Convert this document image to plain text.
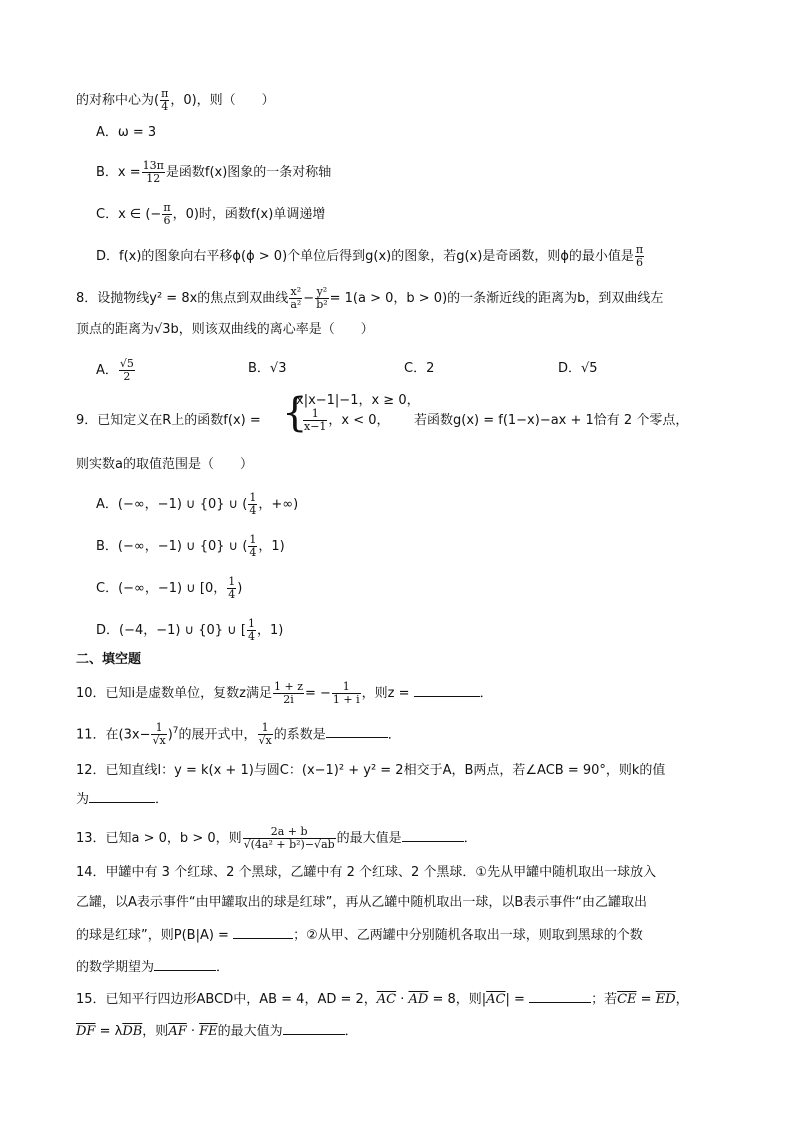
的对称中心为( $\frac{\pi}{4}$ ，0)，则（　　）
A．ω = 3
B．$x = \frac{13\pi}{12}$ 是函数f(x)图象的一条对称轴
C．x ∈ (− $\frac{\pi}{6}$ ，0)时，函数f(x)单调递增
D．f(x)的图象向右平移ϕ(ϕ > 0)个单位后得到g(x)的图象，若g(x)是奇函数，则ϕ的最小值是 $\frac{\pi}{6}$
8．设抛物线y² = 8x的焦点到双曲线 $\frac{\text{x²}}{\text{a²}} - \frac{\text{y²}}{\text{b²}} = 1(a > 0$，b > 0)的一条渐近线的距离为b，到双曲线左
顶点的距离为√3b，则该双曲线的离心率是（　　）
A． $\frac{√5}{2}$	B．√3	C．2	D．√5
9．已知定义在R上的函数f(x) = {
x|x−1|−1，x ≥ 0，
$\frac{1}{x-1}$ ，x < 0， 若函数g(x) = f(1−x)−ax + 1恰有 2 个零点，
则实数a的取值范围是（　　）
A．(−∞，−1) ∪ {0} ∪ ( $\frac{1}{4}$ ，+∞)
B．(−∞，−1) ∪ {0} ∪ ( $\frac{1}{4}$ ，1)
C．(−∞，−1) ∪ [0， $\frac{1}{4}$ )
D．(−4，−1) ∪ {0} ∪ [ $\frac{1}{4}$ ，1)
二、填空题
10．已知i是虚数单位，复数z满足 $\frac{1 + z}{2i}$ = − $\frac{1}{1 + i}$ ，则z =	．
11．在$(3x- \frac{1}{√x} )^7$的展开式中， $\frac{1}{√x}$ 的系数是	．
12．已知直线l：y = k(x + 1)与圆C：(x−1)² + y² = 2相交于A，B两点，若∠ACB = 90°，则k的值
为	．
13．已知a > 0，b > 0，则 $\frac{2a + b}{\text{√(4a² + b²)−√ab}}$ 的最大值是	．
14．甲罐中有 3 个红球、2 个黑球，乙罐中有 2 个红球、2 个黑球．①先从甲罐中随机取出一球放入
乙罐，以A表示事件“由甲罐取出的球是红球”，再从乙罐中随机取出一球，以B表示事件“由乙罐取出
的球是红球”，则P(B|A) =	；②从甲、乙两罐中分别随机各取出一球，则取到黑球的个数
的数学期望为	．
15．已知平行四边形ABCD中，AB = 4，AD = 2，$\overline{AC} \cdot \overline{AD} = 8$，则$|\overline{AC}|$ =	；若$\overline{CE} = \overline{ED}$，
$\overline{DF} = \lambda\overline{DB}$，则$\overline{AF} \cdot \overline{FE}$的最大值为	．
